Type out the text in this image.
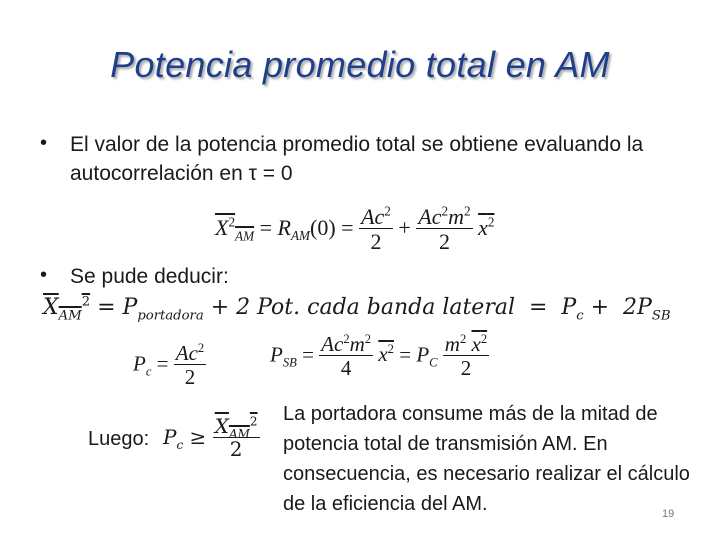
Potencia promedio total en AM
• El valor de la potencia promedio total se obtiene evaluando la autocorrelación en τ = 0
$X^2_{AM} = R_{AM}(0) = \frac{Ac^2}{2} + \frac{Ac^2m^2}{2} x^2$
• Se pude deducir:
$X_{AM}^2 = P_{portadora} + 2$ Pot. cada banda lateral  =  $P_c + 2P_{SB}$
$P_c = \frac{Ac^2}{2}$	$P_{SB} = \frac{Ac^2m^2}{4} x^2 = P_C \frac{m^2 x^2}{2}$
Luego: $P_c \ge \frac{X_{AM}^2}{2}$
La portadora consume más de la mitad de potencia total de transmisión AM. En consecuencia, es necesario realizar el cálculo de la eficiencia del AM.	19
